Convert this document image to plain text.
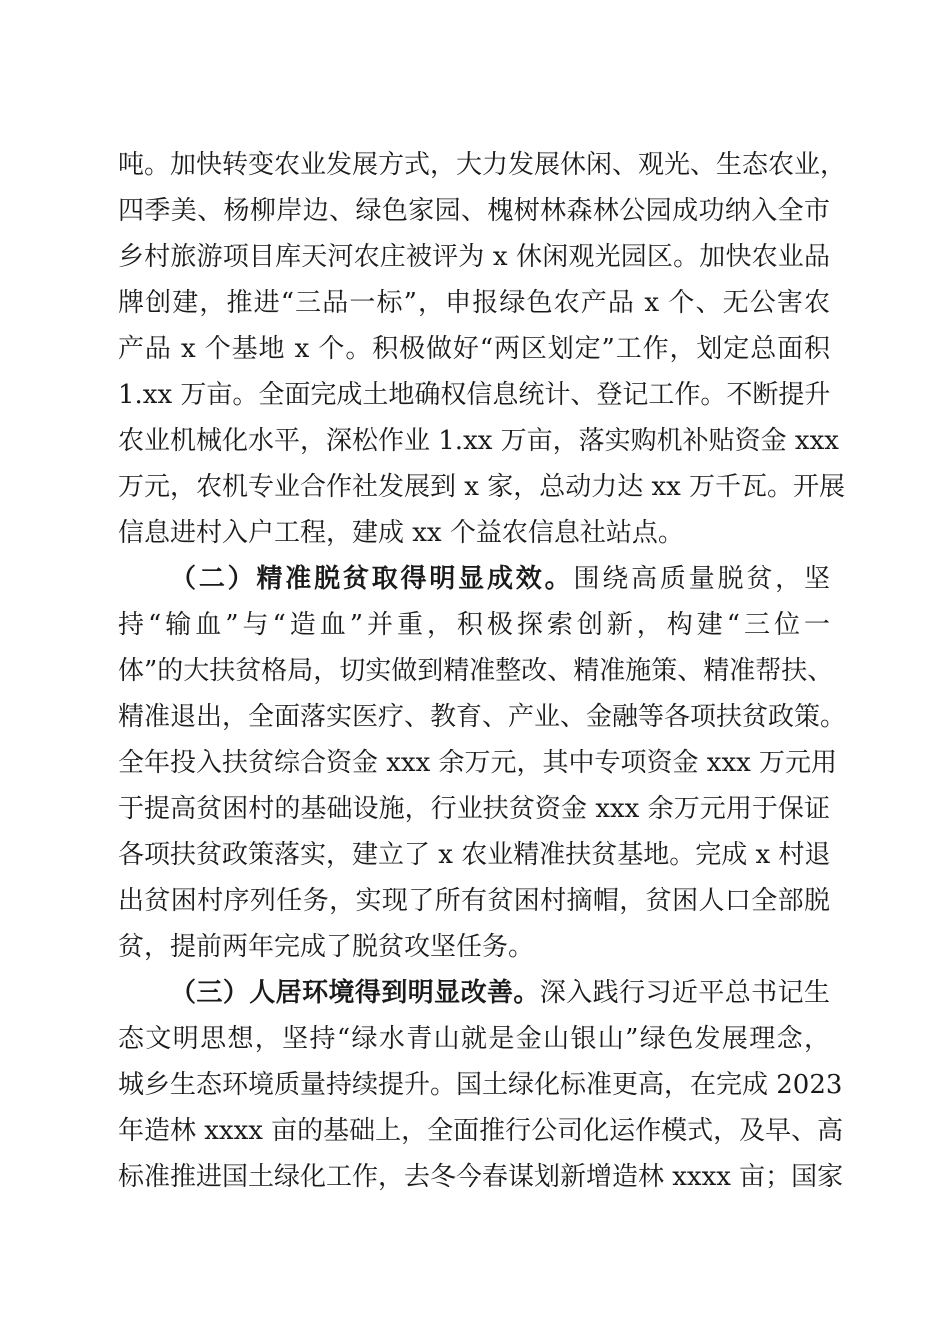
吨。加快转变农业发展方式，大力发展休闲、观光、生态农业，
四季美、杨柳岸边、绿色家园、槐树林森林公园成功纳入全市
乡村旅游项目库天河农庄被评为 x 休闲观光园区。加快农业品
牌创建，推进“三品一标”，申报绿色农产品 x 个、无公害农
产品 x 个基地 x 个。积极做好“两区划定”工作，划定总面积
1.xx 万亩。全面完成土地确权信息统计、登记工作。不断提升
农业机械化水平，深松作业 1.xx 万亩，落实购机补贴资金 xxx
万元，农机专业合作社发展到 x 家，总动力达 xx 万千瓦。开展
信息进村入户工程，建成 xx 个益农信息社站点。
（二）精准脱贫取得明显成效。围绕高质量脱贫，坚
持“输血”与“造血”并重，积极探索创新，构建“三位一
体”的大扶贫格局，切实做到精准整改、精准施策、精准帮扶、
精准退出，全面落实医疗、教育、产业、金融等各项扶贫政策。
全年投入扶贫综合资金 xxx 余万元，其中专项资金 xxx 万元用
于提高贫困村的基础设施，行业扶贫资金 xxx 余万元用于保证
各项扶贫政策落实，建立了 x 农业精准扶贫基地。完成 x 村退
出贫困村序列任务，实现了所有贫困村摘帽，贫困人口全部脱
贫，提前两年完成了脱贫攻坚任务。
（三）人居环境得到明显改善。深入践行习近平总书记生
态文明思想，坚持“绿水青山就是金山银山”绿色发展理念，
城乡生态环境质量持续提升。国土绿化标准更高，在完成 2023
年造林 xxxx 亩的基础上，全面推行公司化运作模式，及早、高
标准推进国土绿化工作，去冬今春谋划新增造林 xxxx 亩；国家
